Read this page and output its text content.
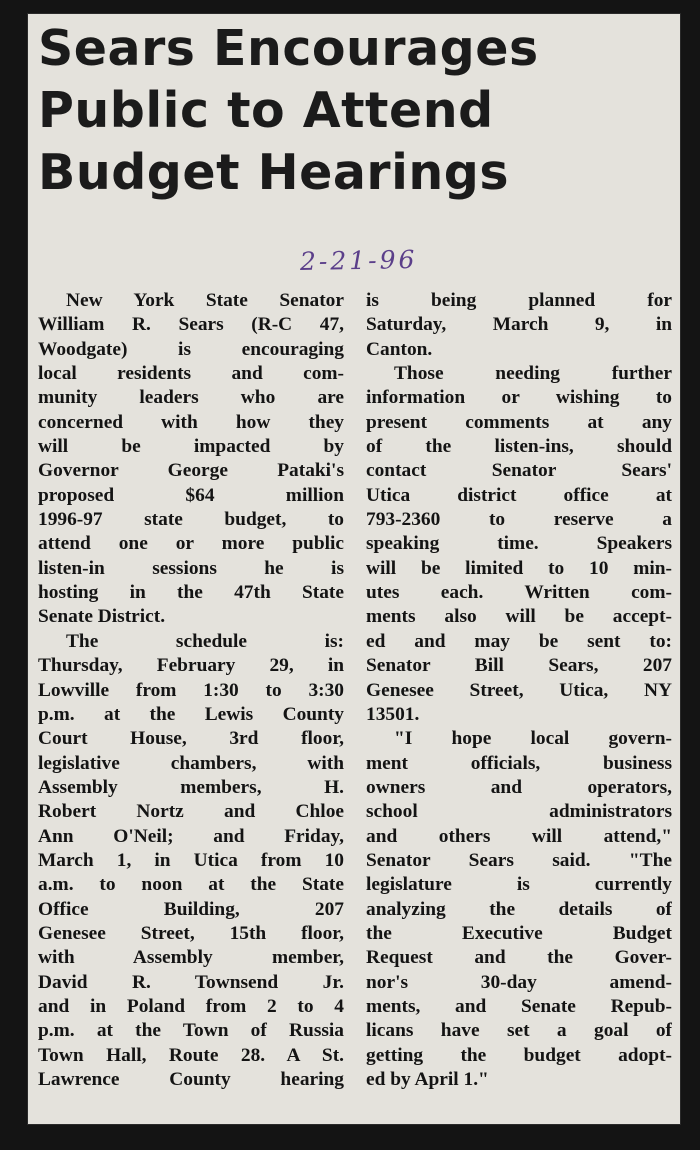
Sears Encourages
Public to Attend
Budget Hearings
2-21-96
New York State Senator
William R. Sears (R-C 47,
Woodgate) is encouraging
local residents and com-
munity leaders who are
concerned with how they
will be impacted by
Governor George Pataki's
proposed $64 million
1996-97 state budget, to
attend one or more public
listen-in sessions he is
hosting in the 47th State
Senate District.
The schedule is:
Thursday, February 29, in
Lowville from 1:30 to 3:30
p.m. at the Lewis County
Court House, 3rd floor,
legislative chambers, with
Assembly members, H.
Robert Nortz and Chloe
Ann O'Neil; and Friday,
March 1, in Utica from 10
a.m. to noon at the State
Office Building, 207
Genesee Street, 15th floor,
with Assembly member,
David R. Townsend Jr.
and in Poland from 2 to 4
p.m. at the Town of Russia
Town Hall, Route 28. A St.
Lawrence County hearing
is being planned for
Saturday, March 9, in
Canton.
Those needing further
information or wishing to
present comments at any
of the listen-ins, should
contact Senator Sears'
Utica district office at
793-2360 to reserve a
speaking time. Speakers
will be limited to 10 min-
utes each. Written com-
ments also will be accept-
ed and may be sent to:
Senator Bill Sears, 207
Genesee Street, Utica, NY
13501.
"I hope local govern-
ment officials, business
owners and operators,
school administrators
and others will attend,"
Senator Sears said. "The
legislature is currently
analyzing the details of
the Executive Budget
Request and the Gover-
nor's 30-day amend-
ments, and Senate Repub-
licans have set a goal of
getting the budget adopt-
ed by April 1."
